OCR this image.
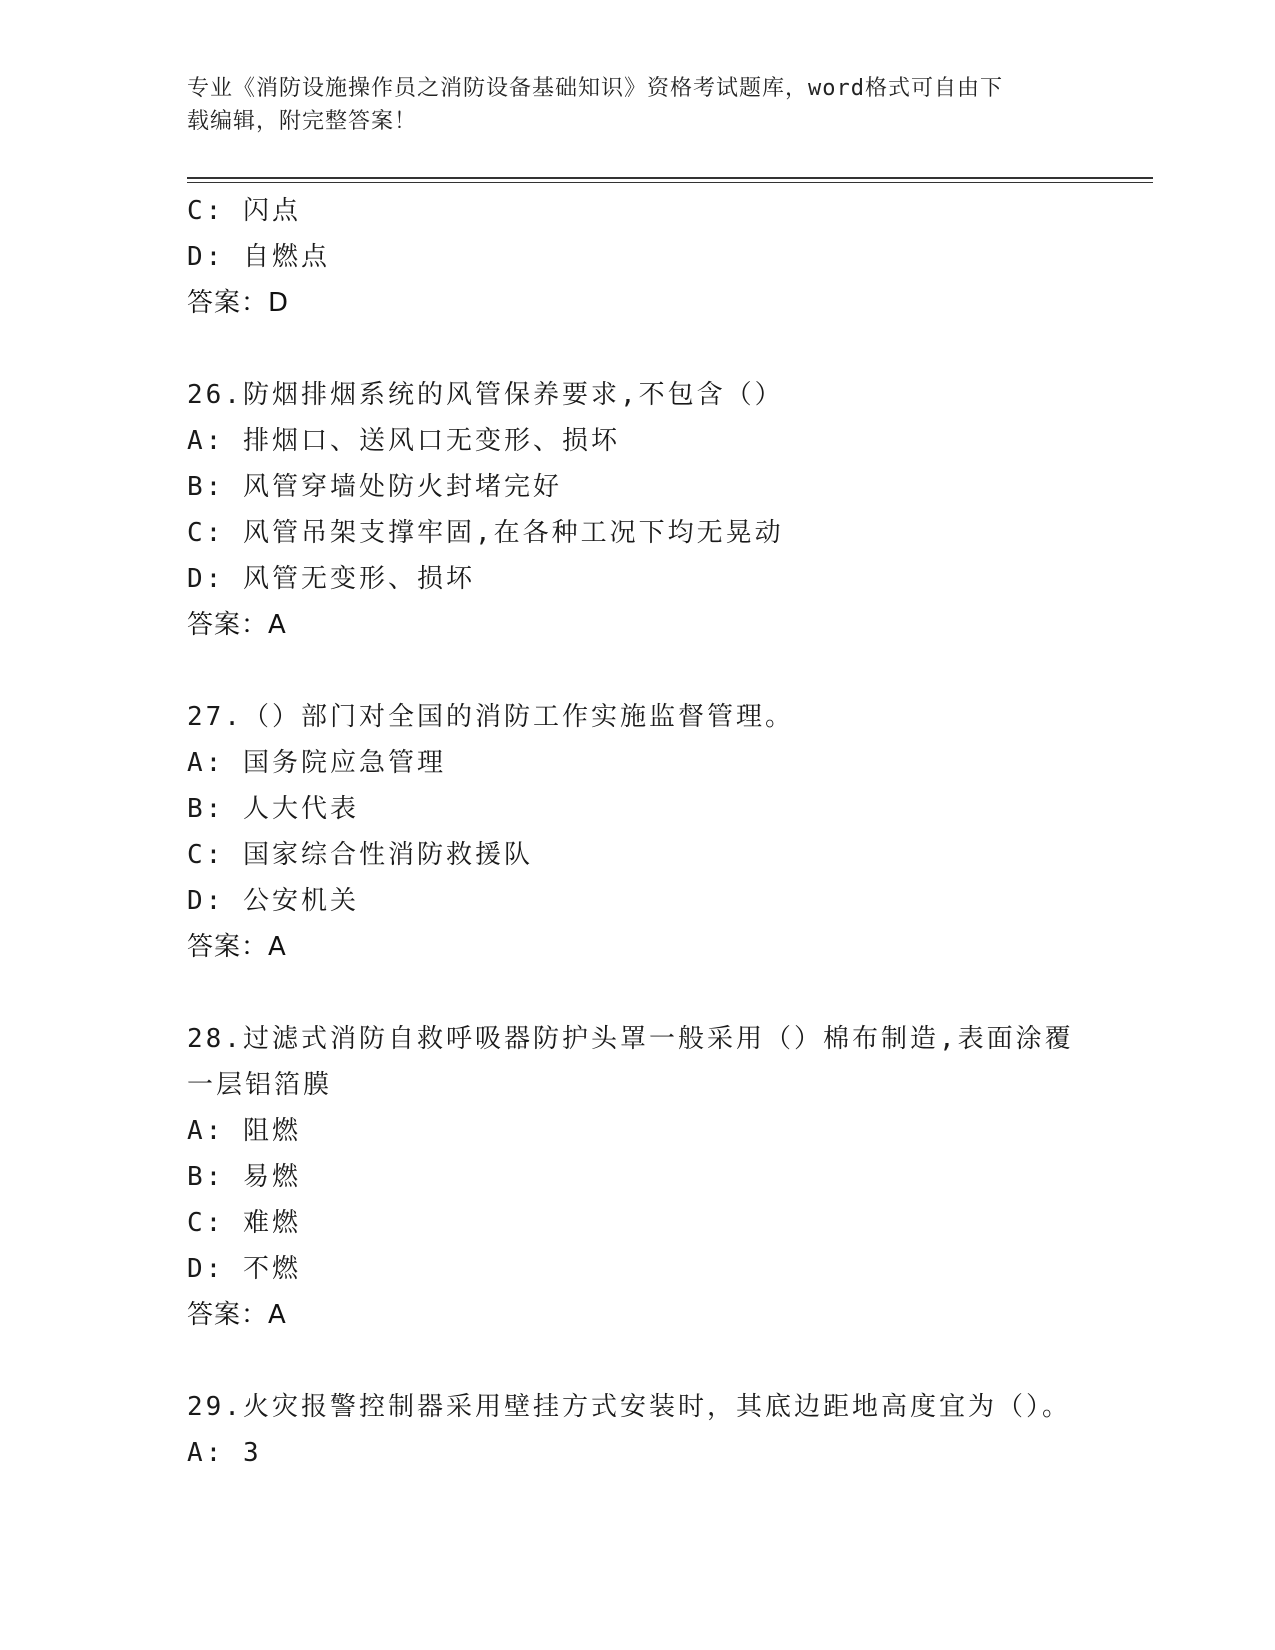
专业《消防设施操作员之消防设备基础知识》资格考试题库，word格式可自由下
载编辑，附完整答案！
C: 闪点
D: 自燃点
答案：D
26.防烟排烟系统的风管保养要求,不包含（）
A: 排烟口、送风口无变形、损坏
B: 风管穿墙处防火封堵完好
C: 风管吊架支撑牢固,在各种工况下均无晃动
D: 风管无变形、损坏
答案：A
27.（）部门对全国的消防工作实施监督管理。
A: 国务院应急管理
B: 人大代表
C: 国家综合性消防救援队
D: 公安机关
答案：A
28.过滤式消防自救呼吸器防护头罩一般采用（）棉布制造,表面涂覆
一层铝箔膜
A: 阻燃
B: 易燃
C: 难燃
D: 不燃
答案：A
29.火灾报警控制器采用壁挂方式安装时，其底边距地高度宜为（）。
A: 3
